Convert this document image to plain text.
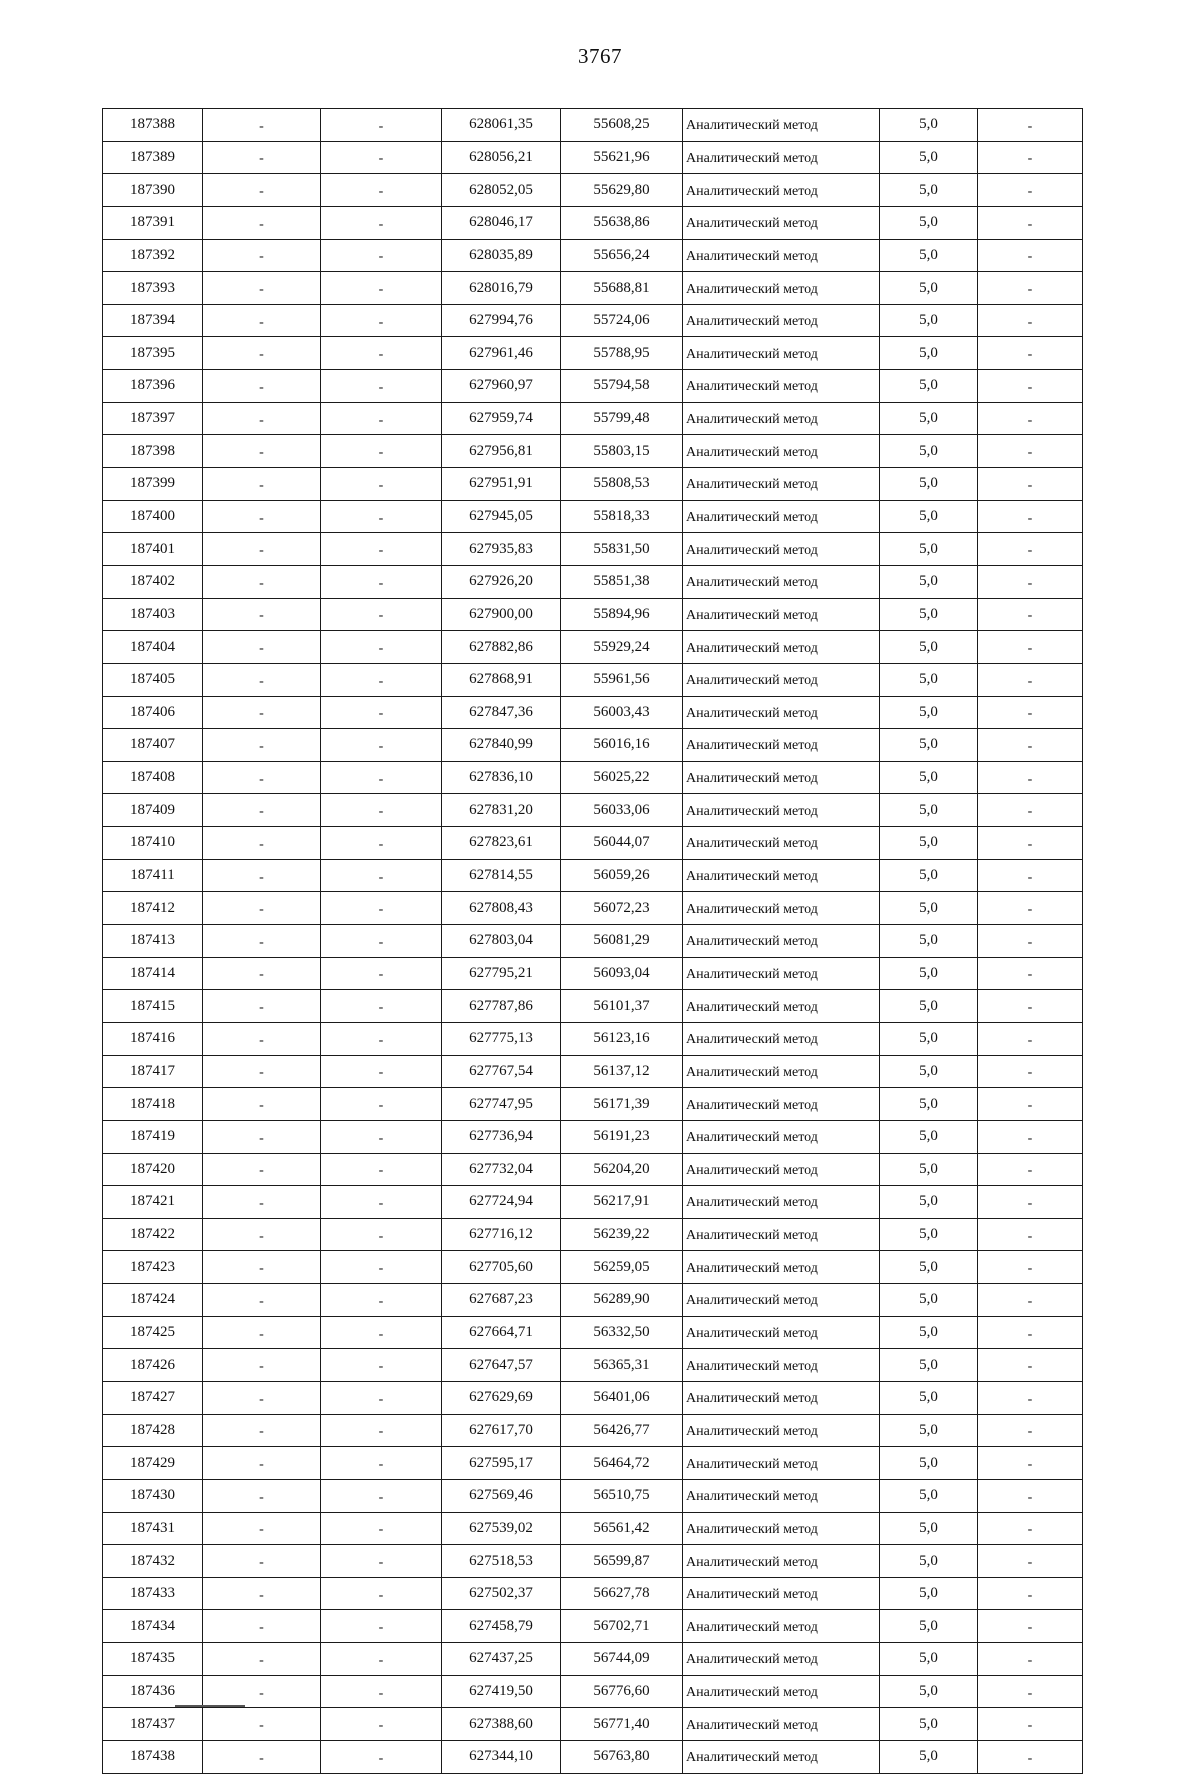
3767
187388	-	-	628061,35	55608,25	Аналитический метод	5,0	-
187389	-	-	628056,21	55621,96	Аналитический метод	5,0	-
187390	-	-	628052,05	55629,80	Аналитический метод	5,0	-
187391	-	-	628046,17	55638,86	Аналитический метод	5,0	-
187392	-	-	628035,89	55656,24	Аналитический метод	5,0	-
187393	-	-	628016,79	55688,81	Аналитический метод	5,0	-
187394	-	-	627994,76	55724,06	Аналитический метод	5,0	-
187395	-	-	627961,46	55788,95	Аналитический метод	5,0	-
187396	-	-	627960,97	55794,58	Аналитический метод	5,0	-
187397	-	-	627959,74	55799,48	Аналитический метод	5,0	-
187398	-	-	627956,81	55803,15	Аналитический метод	5,0	-
187399	-	-	627951,91	55808,53	Аналитический метод	5,0	-
187400	-	-	627945,05	55818,33	Аналитический метод	5,0	-
187401	-	-	627935,83	55831,50	Аналитический метод	5,0	-
187402	-	-	627926,20	55851,38	Аналитический метод	5,0	-
187403	-	-	627900,00	55894,96	Аналитический метод	5,0	-
187404	-	-	627882,86	55929,24	Аналитический метод	5,0	-
187405	-	-	627868,91	55961,56	Аналитический метод	5,0	-
187406	-	-	627847,36	56003,43	Аналитический метод	5,0	-
187407	-	-	627840,99	56016,16	Аналитический метод	5,0	-
187408	-	-	627836,10	56025,22	Аналитический метод	5,0	-
187409	-	-	627831,20	56033,06	Аналитический метод	5,0	-
187410	-	-	627823,61	56044,07	Аналитический метод	5,0	-
187411	-	-	627814,55	56059,26	Аналитический метод	5,0	-
187412	-	-	627808,43	56072,23	Аналитический метод	5,0	-
187413	-	-	627803,04	56081,29	Аналитический метод	5,0	-
187414	-	-	627795,21	56093,04	Аналитический метод	5,0	-
187415	-	-	627787,86	56101,37	Аналитический метод	5,0	-
187416	-	-	627775,13	56123,16	Аналитический метод	5,0	-
187417	-	-	627767,54	56137,12	Аналитический метод	5,0	-
187418	-	-	627747,95	56171,39	Аналитический метод	5,0	-
187419	-	-	627736,94	56191,23	Аналитический метод	5,0	-
187420	-	-	627732,04	56204,20	Аналитический метод	5,0	-
187421	-	-	627724,94	56217,91	Аналитический метод	5,0	-
187422	-	-	627716,12	56239,22	Аналитический метод	5,0	-
187423	-	-	627705,60	56259,05	Аналитический метод	5,0	-
187424	-	-	627687,23	56289,90	Аналитический метод	5,0	-
187425	-	-	627664,71	56332,50	Аналитический метод	5,0	-
187426	-	-	627647,57	56365,31	Аналитический метод	5,0	-
187427	-	-	627629,69	56401,06	Аналитический метод	5,0	-
187428	-	-	627617,70	56426,77	Аналитический метод	5,0	-
187429	-	-	627595,17	56464,72	Аналитический метод	5,0	-
187430	-	-	627569,46	56510,75	Аналитический метод	5,0	-
187431	-	-	627539,02	56561,42	Аналитический метод	5,0	-
187432	-	-	627518,53	56599,87	Аналитический метод	5,0	-
187433	-	-	627502,37	56627,78	Аналитический метод	5,0	-
187434	-	-	627458,79	56702,71	Аналитический метод	5,0	-
187435	-	-	627437,25	56744,09	Аналитический метод	5,0	-
187436	-	-	627419,50	56776,60	Аналитический метод	5,0	-
187437	-	-	627388,60	56771,40	Аналитический метод	5,0	-
187438	-	-	627344,10	56763,80	Аналитический метод	5,0	-
